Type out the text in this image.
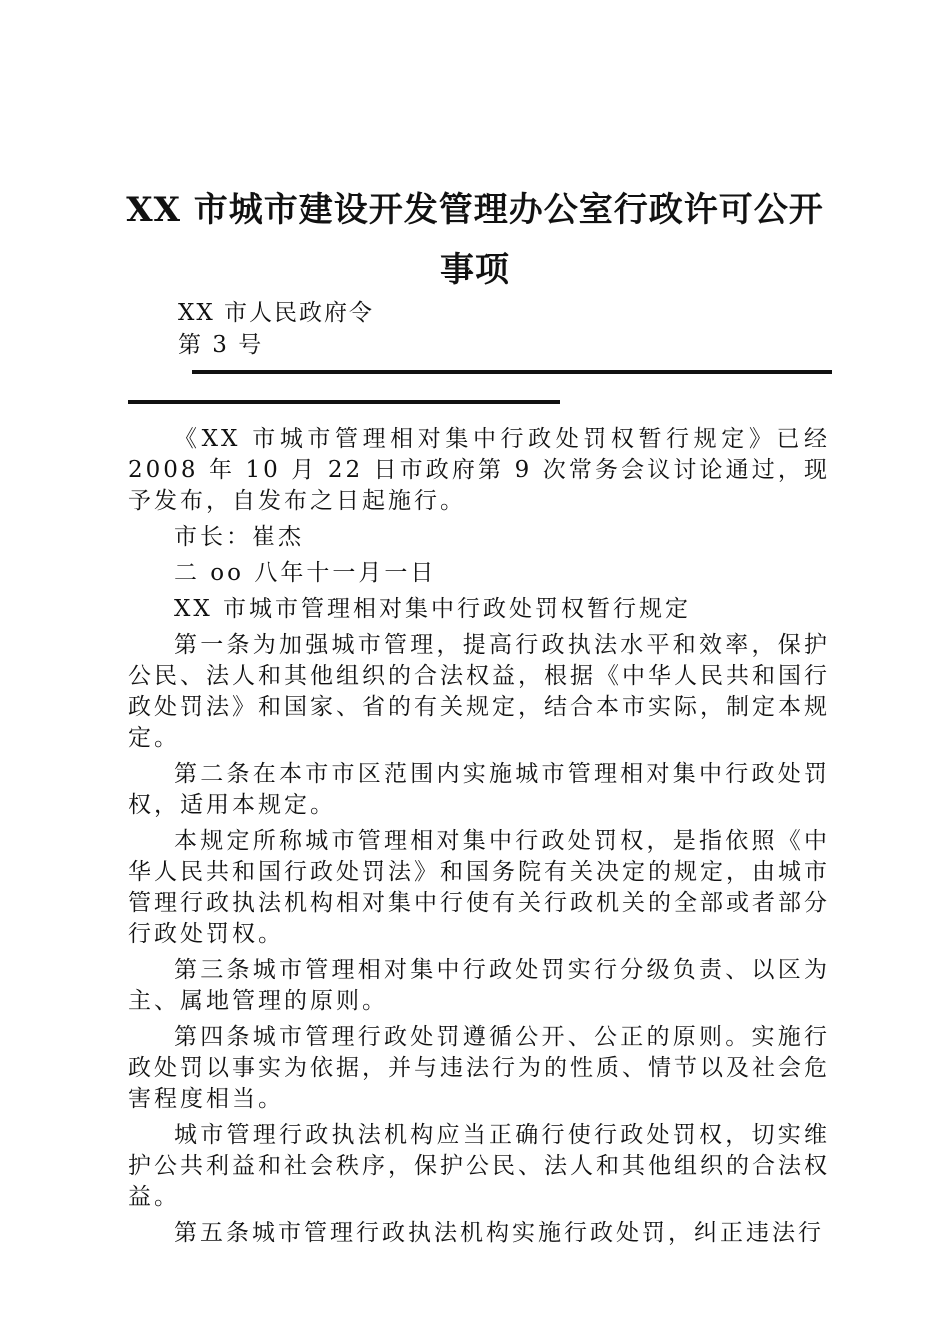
XX 市城市建设开发管理办公室行政许可公开
事项
XX 市人民政府令
第 3 号

《XX 市城市管理相对集中行政处罚权暂行规定》已经 2008 年 10 月 22 日市政府第 9 次常务会议讨论通过，现予发布，自发布之日起施行。

市长：崔杰

二 oo 八年十一月一日

XX 市城市管理相对集中行政处罚权暂行规定

第一条为加强城市管理，提高行政执法水平和效率，保护公民、法人和其他组织的合法权益，根据《中华人民共和国行政处罚法》和国家、省的有关规定，结合本市实际，制定本规定。

第二条在本市市区范围内实施城市管理相对集中行政处罚权，适用本规定。

本规定所称城市管理相对集中行政处罚权，是指依照《中华人民共和国行政处罚法》和国务院有关决定的规定，由城市管理行政执法机构相对集中行使有关行政机关的全部或者部分行政处罚权。

第三条城市管理相对集中行政处罚实行分级负责、以区为主、属地管理的原则。

第四条城市管理行政处罚遵循公开、公正的原则。实施行政处罚以事实为依据，并与违法行为的性质、情节以及社会危害程度相当。

城市管理行政执法机构应当正确行使行政处罚权，切实维护公共利益和社会秩序，保护公民、法人和其他组织的合法权益。

第五条城市管理行政执法机构实施行政处罚，纠正违法行
